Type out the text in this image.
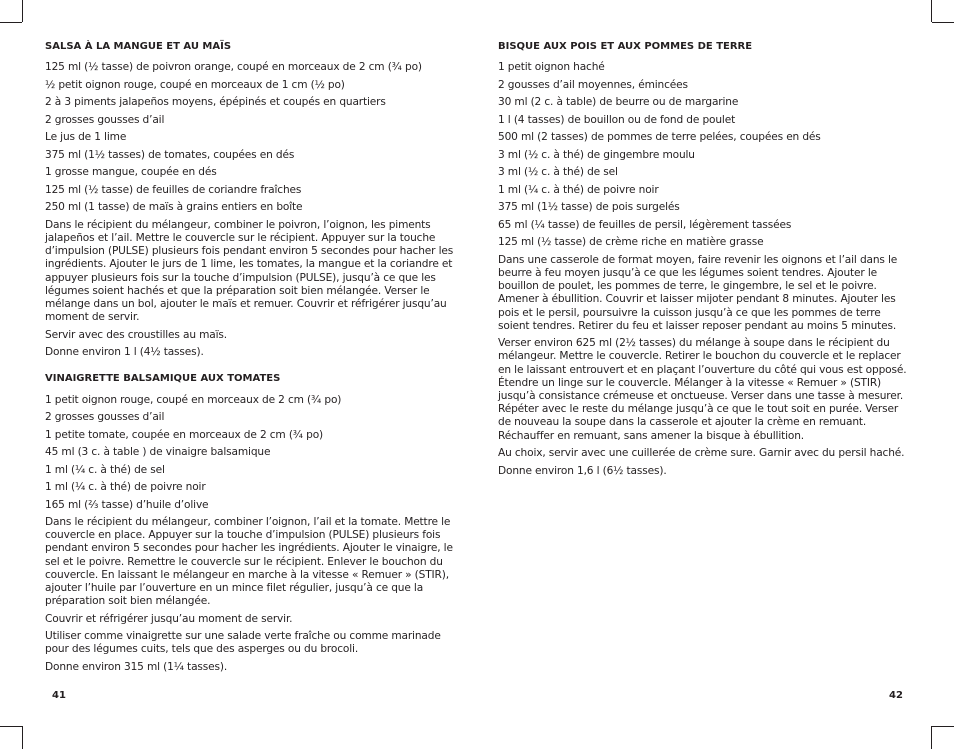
SALSA À LA MANGUE ET AU MAÏS
125 ml (½ tasse) de poivron orange, coupé en morceaux de 2 cm (¾ po)
½ petit oignon rouge, coupé en morceaux de 1 cm (½ po)
2 à 3 piments jalapeños moyens, épépinés et coupés en quartiers
2 grosses gousses d’ail
Le jus de 1 lime
375 ml (1½ tasses) de tomates, coupées en dés
1 grosse mangue, coupée en dés
125 ml (½ tasse) de feuilles de coriandre fraîches
250 ml (1 tasse) de maïs à grains entiers en boîte
Dans le récipient du mélangeur, combiner le poivron, l’oignon, les piments jalapeños et l’ail. Mettre le couvercle sur le récipient. Appuyer sur la touche d’impulsion (PULSE) plusieurs fois pendant environ 5 secondes pour hacher les ingrédients. Ajouter le jurs de 1 lime, les tomates, la mangue et la coriandre et appuyer plusieurs fois sur la touche d’impulsion (PULSE), jusqu’à ce que les légumes soient hachés et que la préparation soit bien mélangée. Verser le mélange dans un bol, ajouter le maïs et remuer. Couvrir et réfrigérer jusqu’au moment de servir.
Servir avec des croustilles au maïs.
Donne environ 1 l (4½ tasses).
VINAIGRETTE BALSAMIQUE AUX TOMATES
1 petit oignon rouge, coupé en morceaux de 2 cm (¾ po)
2 grosses gousses d’ail
1 petite tomate, coupée en morceaux de 2 cm (¾ po)
45 ml (3 c. à table ) de vinaigre balsamique
1 ml (¼ c. à thé) de sel
1 ml (¼ c. à thé) de poivre noir
165 ml (⅔ tasse) d’huile d’olive
Dans le récipient du mélangeur, combiner l’oignon, l’ail et la tomate. Mettre le couvercle en place. Appuyer sur la touche d’impulsion (PULSE) plusieurs fois pendant environ 5 secondes pour hacher les ingrédients. Ajouter le vinaigre, le sel et le poivre. Remettre le couvercle sur le récipient. Enlever le bouchon du couvercle. En laissant le mélangeur en marche à la vitesse « Remuer » (STIR), ajouter l’huile par l’ouverture en un mince filet régulier, jusqu’à ce que la préparation soit bien mélangée.
Couvrir et réfrigérer jusqu’au moment de servir.
Utiliser comme vinaigrette sur une salade verte fraîche ou comme marinade pour des légumes cuits, tels que des asperges ou du brocoli.
Donne environ 315 ml (1¼ tasses).
41
BISQUE AUX POIS ET AUX POMMES DE TERRE
1 petit oignon haché
2 gousses d’ail moyennes, émincées
30 ml (2 c. à table) de beurre ou de margarine
1 l (4 tasses) de bouillon ou de fond de poulet
500 ml (2 tasses) de pommes de terre pelées, coupées en dés
3 ml (½ c. à thé) de gingembre moulu
3 ml (½ c. à thé) de sel
1 ml (¼ c. à thé) de poivre noir
375 ml (1½ tasse) de pois surgelés
65 ml (¼ tasse) de feuilles de persil, légèrement tassées
125 ml (½ tasse) de crème riche en matière grasse
Dans une casserole de format moyen, faire revenir les oignons et l’ail dans le beurre à feu moyen jusqu’à ce que les légumes soient tendres. Ajouter le bouillon de poulet, les pommes de terre, le gingembre, le sel et le poivre. Amener à ébullition. Couvrir et laisser mijoter pendant 8 minutes. Ajouter les pois et le persil, poursuivre la cuisson jusqu’à ce que les pommes de terre soient tendres. Retirer du feu et laisser reposer pendant au moins 5 minutes.
Verser environ 625 ml (2½ tasses) du mélange à soupe dans le récipient du mélangeur. Mettre le couvercle. Retirer le bouchon du couvercle et le replacer en le laissant entrouvert et en plaçant l’ouverture du côté qui vous est opposé. Étendre un linge sur le couvercle. Mélanger à la vitesse « Remuer » (STIR) jusqu’à consistance crémeuse et onctueuse. Verser dans une tasse à mesurer. Répéter avec le reste du mélange jusqu’à ce que le tout soit en purée. Verser de nouveau la soupe dans la casserole et ajouter la crème en remuant. Réchauffer en remuant, sans amener la bisque à ébullition.
Au choix, servir avec une cuillerée de crème sure. Garnir avec du persil haché.
Donne environ 1,6 l (6½ tasses).
42
